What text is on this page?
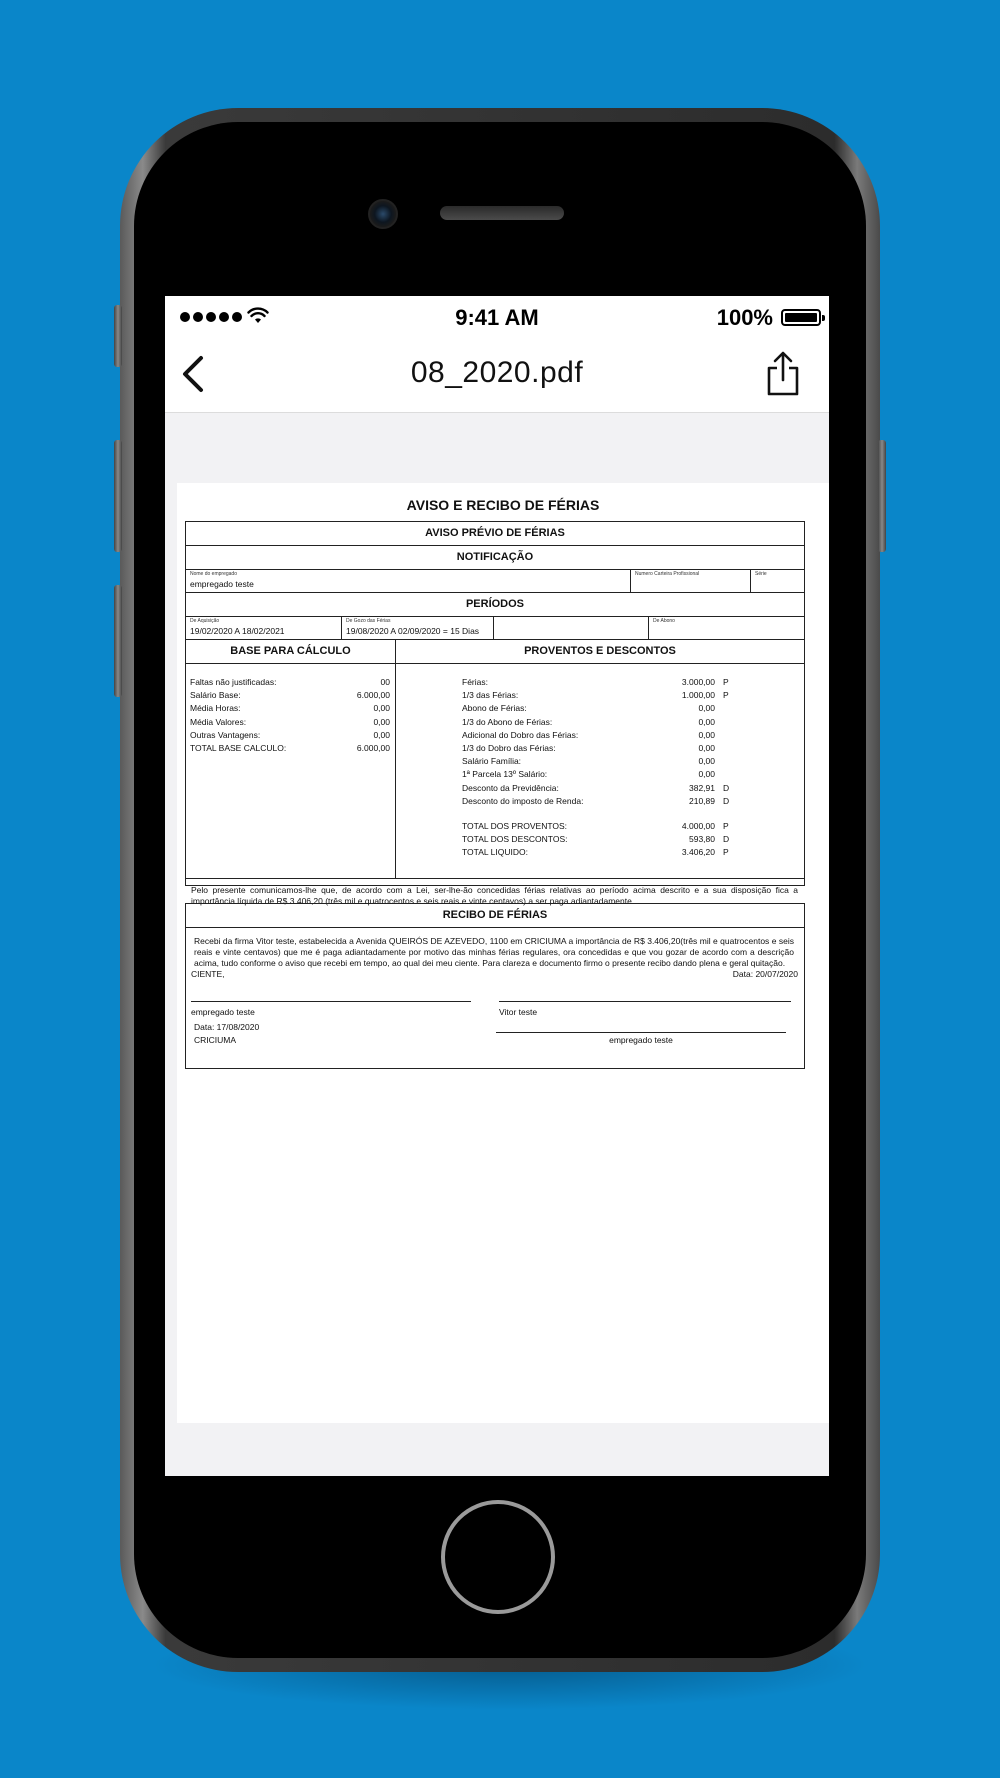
9:41 AM	100%
08_2020.pdf
AVISO E RECIBO DE FÉRIAS
AVISO PRÉVIO DE FÉRIAS
NOTIFICAÇÃO
Nome do empregado
empregado teste
Numero Carteira Profissional	Série
PERÍODOS
De Aquisição
19/02/2020 A 18/02/2021
De Gozo das Férias
19/08/2020 A 02/09/2020 = 15 Dias
De Abono
BASE PARA CÁLCULO	PROVENTOS E DESCONTOS
Faltas não justificadas:	00
Salário Base:	6.000,00
Média Horas:	0,00
Média Valores:	0,00
Outras Vantagens:	0,00
TOTAL BASE CALCULO:	6.000,00
Férias:	3.000,00 P
1/3 das Férias:	1.000,00 P
Abono de Férias:	0,00
1/3 do Abono de Férias:	0,00
Adicional do Dobro das Férias:	0,00
1/3 do Dobro das Férias:	0,00
Salário Família:	0,00
1ª Parcela 13º Salário:	0,00
Desconto da Previdência:	382,91 D
Desconto do imposto de Renda:	210,89 D
TOTAL DOS PROVENTOS:	4.000,00 P
TOTAL DOS DESCONTOS:	593,80 D
TOTAL LIQUIDO:	3.406,20 P
Pelo presente comunicamos-lhe que, de acordo com a Lei, ser-lhe-ão concedidas férias relativas ao período acima descrito e a sua disposição fica a importância líquida de R$ 3.406,20 (três mil e quatrocentos e seis reais e vinte centavos) a ser paga adiantadamente.
CIENTE,	Data: 20/07/2020
empregado teste	Vitor teste
RECIBO DE FÉRIAS
Recebi da firma Vitor teste, estabelecida a Avenida QUEIRÓS DE AZEVEDO, 1100 em CRICIUMA a importância de R$ 3.406,20(três mil e quatrocentos e seis reais e vinte centavos) que me é paga adiantadamente por motivo das minhas férias regulares, ora concedidas e que vou gozar de acordo com a descrição acima, tudo conforme o aviso que recebi em tempo, ao qual dei meu ciente. Para clareza e documento firmo o presente recibo dando plena e geral quitação.
Data: 17/08/2020
CRICIUMA	empregado teste
